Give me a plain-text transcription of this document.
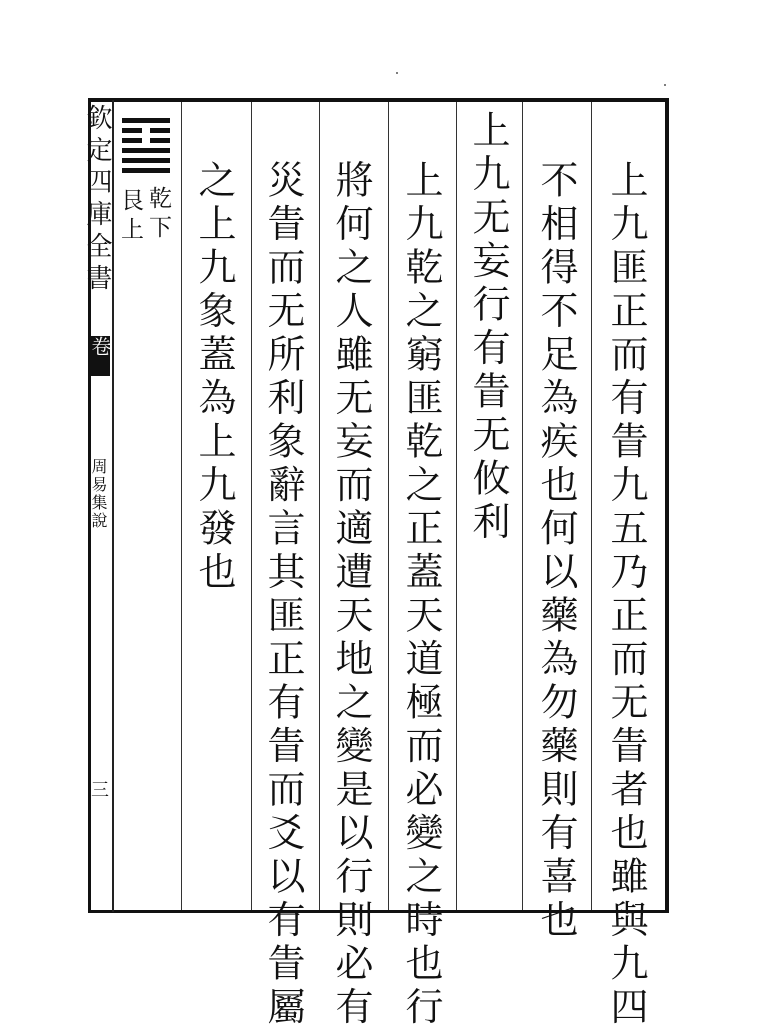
欽定四庫全書
卷
周易集說
三
乾下
艮上	上九匪正而有眚九五乃正而无眚者也雖與九四
不相得不足為疾也何以藥為勿藥則有喜也
上九无妄行有眚无攸利
上九乾之窮匪乾之正蓋天道極而必變之時也行
將何之人雖无妄而適遭天地之變是以行則必有
災眚而无所利象辭言其匪正有眚而爻以有眚屬
之上九象蓋為上九發也
